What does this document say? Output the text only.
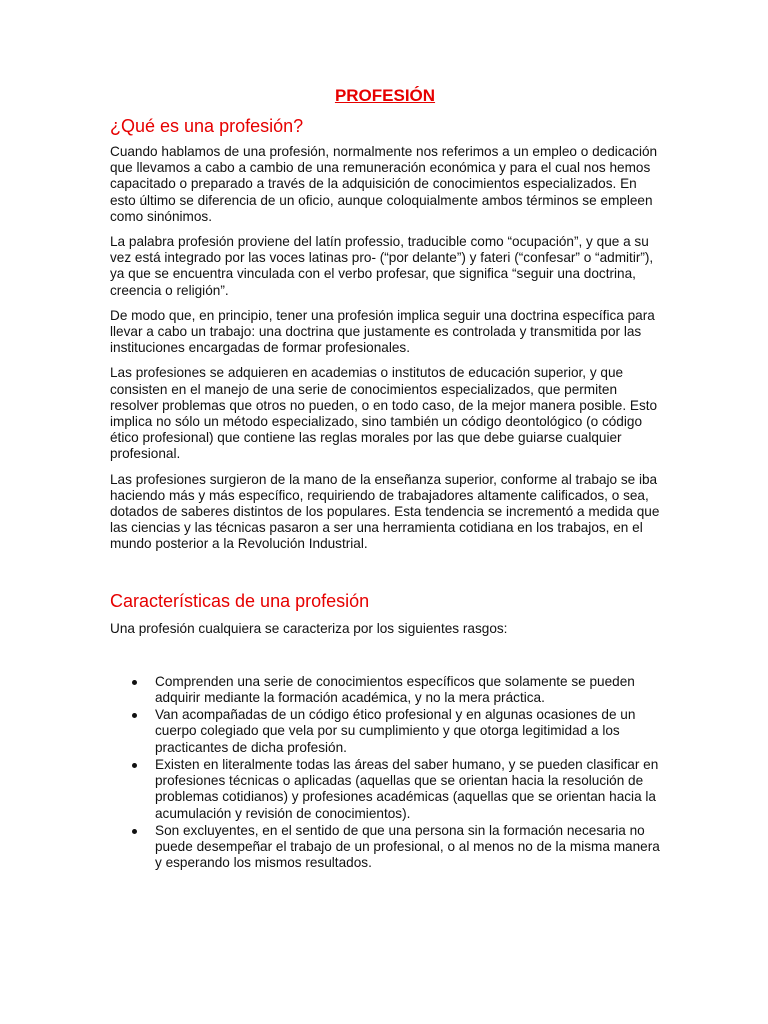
PROFESIÓN
¿Qué es una profesión?

Cuando hablamos de una profesión, normalmente nos referimos a un empleo o dedicación que llevamos a cabo a cambio de una remuneración económica y para el cual nos hemos capacitado o preparado a través de la adquisición de conocimientos especializados. En esto último se diferencia de un oficio, aunque coloquialmente ambos términos se empleen como sinónimos.

La palabra profesión proviene del latín professio, traducible como “ocupación”, y que a su vez está integrado por las voces latinas pro- (“por delante”) y fateri (“confesar” o “admitir”), ya que se encuentra vinculada con el verbo profesar, que significa “seguir una doctrina, creencia o religión”.

De modo que, en principio, tener una profesión implica seguir una doctrina específica para llevar a cabo un trabajo: una doctrina que justamente es controlada y transmitida por las instituciones encargadas de formar profesionales.

Las profesiones se adquieren en academias o institutos de educación superior, y que consisten en el manejo de una serie de conocimientos especializados, que permiten resolver problemas que otros no pueden, o en todo caso, de la mejor manera posible. Esto implica no sólo un método especializado, sino también un código deontológico (o código ético profesional) que contiene las reglas morales por las que debe guiarse cualquier profesional.

Las profesiones surgieron de la mano de la enseñanza superior, conforme al trabajo se iba haciendo más y más específico, requiriendo de trabajadores altamente calificados, o sea, dotados de saberes distintos de los populares. Esta tendencia se incrementó a medida que las ciencias y las técnicas pasaron a ser una herramienta cotidiana en los trabajos, en el mundo posterior a la Revolución Industrial.

Características de una profesión

Una profesión cualquiera se caracteriza por los siguientes rasgos:

Comprenden una serie de conocimientos específicos que solamente se pueden adquirir mediante la formación académica, y no la mera práctica.
Van acompañadas de un código ético profesional y en algunas ocasiones de un cuerpo colegiado que vela por su cumplimiento y que otorga legitimidad a los practicantes de dicha profesión.
Existen en literalmente todas las áreas del saber humano, y se pueden clasificar en profesiones técnicas o aplicadas (aquellas que se orientan hacia la resolución de problemas cotidianos) y profesiones académicas (aquellas que se orientan hacia la acumulación y revisión de conocimientos).
Son excluyentes, en el sentido de que una persona sin la formación necesaria no puede desempeñar el trabajo de un profesional, o al menos no de la misma manera y esperando los mismos resultados.
